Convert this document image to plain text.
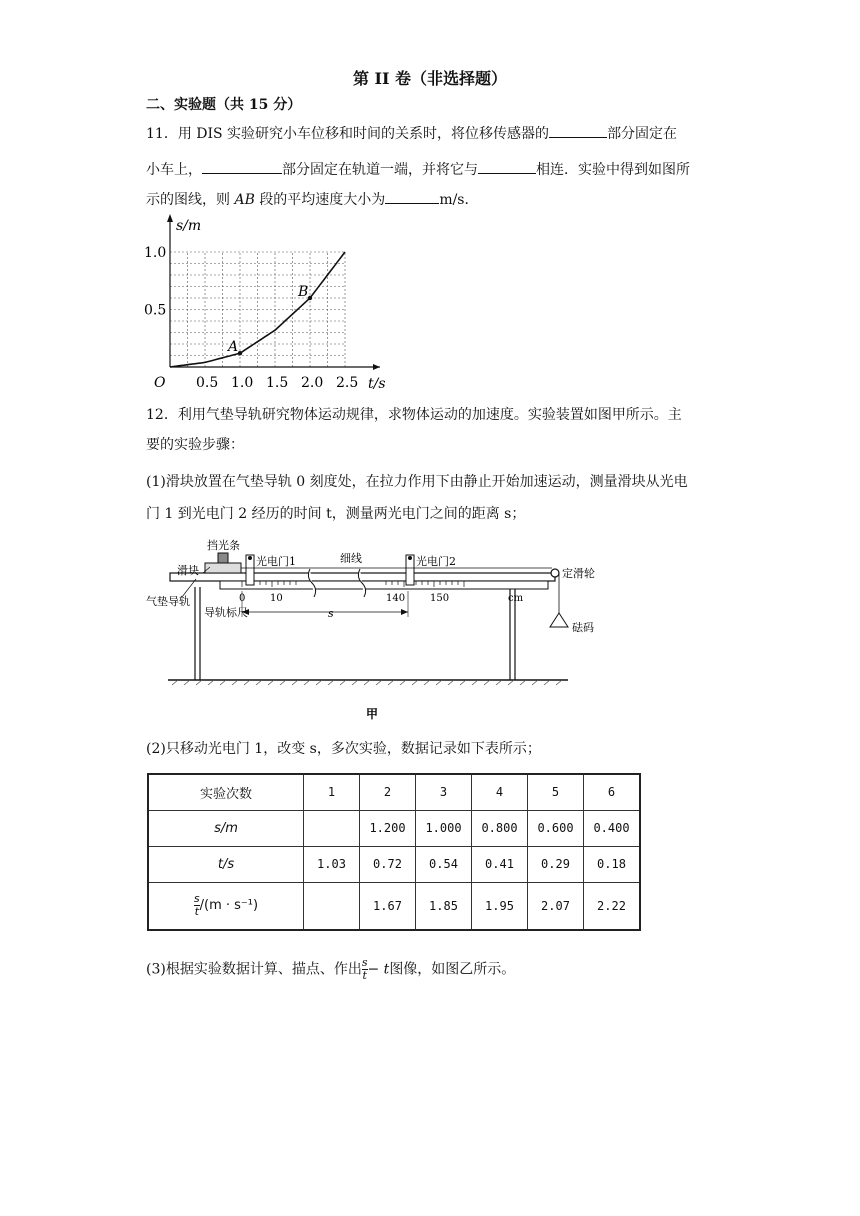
第 II 卷（非选择题）
二、实验题（共 15 分）
11．用 DIS 实验研究小车位移和时间的关系时，将位移传感器的	部分固定在
小车上，	部分固定在轨道一端，并将它与	相连．实验中得到如图所
示的图线，则 AB 段的平均速度大小为	m/s．
0.5 1.0 1.5 2.0 2.5
0.5
1.0
O	t/s
s/m
A
B
12．利用气垫导轨研究物体运动规律，求物体运动的加速度。实验装置如图甲所示。主
要的实验步骤：
(1)滑块放置在气垫导轨 0 刻度处，在拉力作用下由静止开始加速运动，测量滑块从光电
门 1 到光电门 2 经历的时间 t，测量两光电门之间的距离 s；
挡光条
滑块
光电门1	细线	光电门2
定滑轮
气垫导轨
导轨标尺
砝码
s
0 10	140 150	cm
甲
(2)只移动光电门 1，改变 s，多次实验，数据记录如下表所示；
实验次数	1	2	3	4	5	6
s/m		1.200	1.000	0.800	0.600	0.400
t/s	1.03	0.72	0.54	0.41	0.29	0.18

$\frac{s}{t} /(m \cdot s^{-1})$		1.67	1.85	1.95	2.07	2.22
(3)根据实验数据计算、描点、作出 $\frac{s}{t} - t$图像，如图乙所示。
